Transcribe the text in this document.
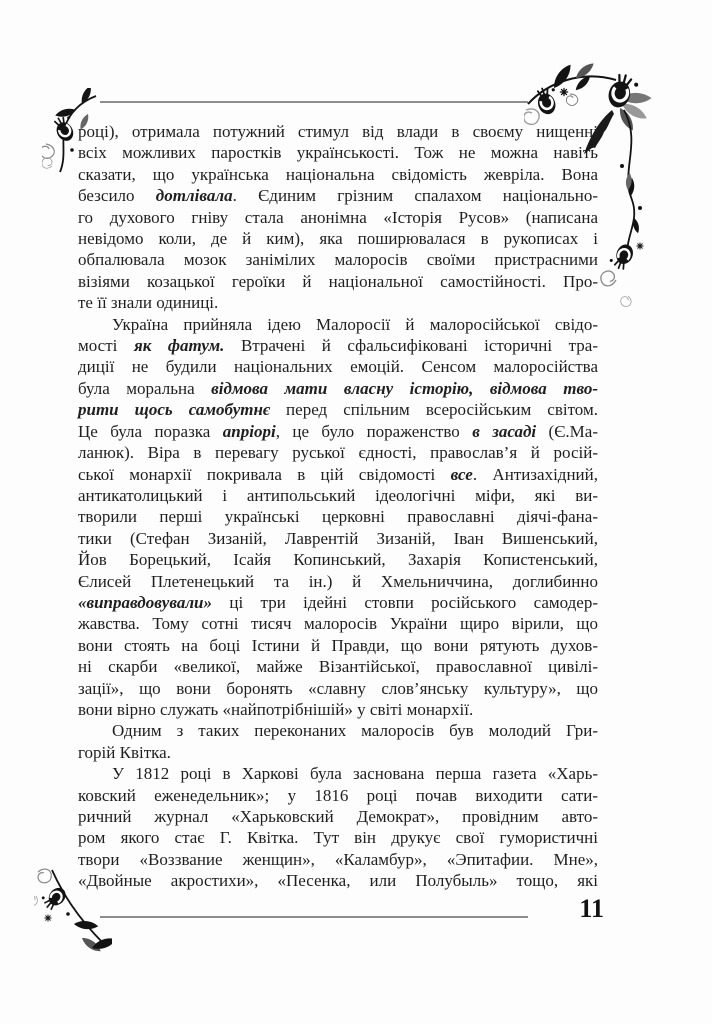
році), отримала потужний стимул від влади в своєму нищенні
всіх можливих паростків українськості. Тож не можна навіть
сказати, що українська національна свідомість жевріла. Вона
безсило дотлівала. Єдиним грізним спалахом національно-
го духового гніву стала анонімна «Історія Русов» (написана
невідомо коли, де й ким), яка поширювалася в рукописах і
обпалювала мозок занімілих малоросів своїми пристрасними
візіями козацької героїки й національної самостійності. Про-
те її знали одиниці.
Україна прийняла ідею Малоросії й малоросійської свідо-
мості як фатум. Втрачені й сфальсифіковані історичні тра-
диції не будили національних емоцій. Сенсом малоросійства
була моральна відмова мати власну історію, відмова тво-
рити щось самобутнє перед спільним всеросійським світом.
Це була поразка апріорі, це було пораженство в засаді (Є.Ма-
ланюк). Віра в перевагу руської єдності, православ’я й росій-
ської монархії покривала в цій свідомості все. Антизахідний,
антикатолицький і антипольський ідеологічні міфи, які ви-
творили перші українські церковні православні діячі-фана-
тики (Стефан Зизаній, Лаврентій Зизаній, Іван Вишенський,
Йов Борецький, Ісайя Копинський, Захарія Копистенський,
Єлисей Плетенецький та ін.) й Хмельниччина, доглибинно
«виправдовували» ці три ідейні стовпи російського самодер-
жавства. Тому сотні тисяч малоросів України щиро вірили, що
вони стоять на боці Істини й Правди, що вони рятують духов-
ні скарби «великої, майже Візантійської, православної цивілі-
зації», що вони боронять «славну слов’янську культуру», що
вони вірно служать «найпотрібнішій» у світі монархії.
Одним з таких переконаних малоросів був молодий Гри-
горій Квітка.
У 1812 році в Харкові була заснована перша газета «Харь-
ковский еженедельник»; у 1816 році почав виходити сати-
ричний журнал «Харьковский Демократ», провідним авто-
ром якого стає Г. Квітка. Тут він друкує свої гумористичні
твори «Воззвание женщин», «Каламбур», «Эпитафии. Мне»,
«Двойные акростихи», «Песенка, или Полубыль» тощо, які
11
